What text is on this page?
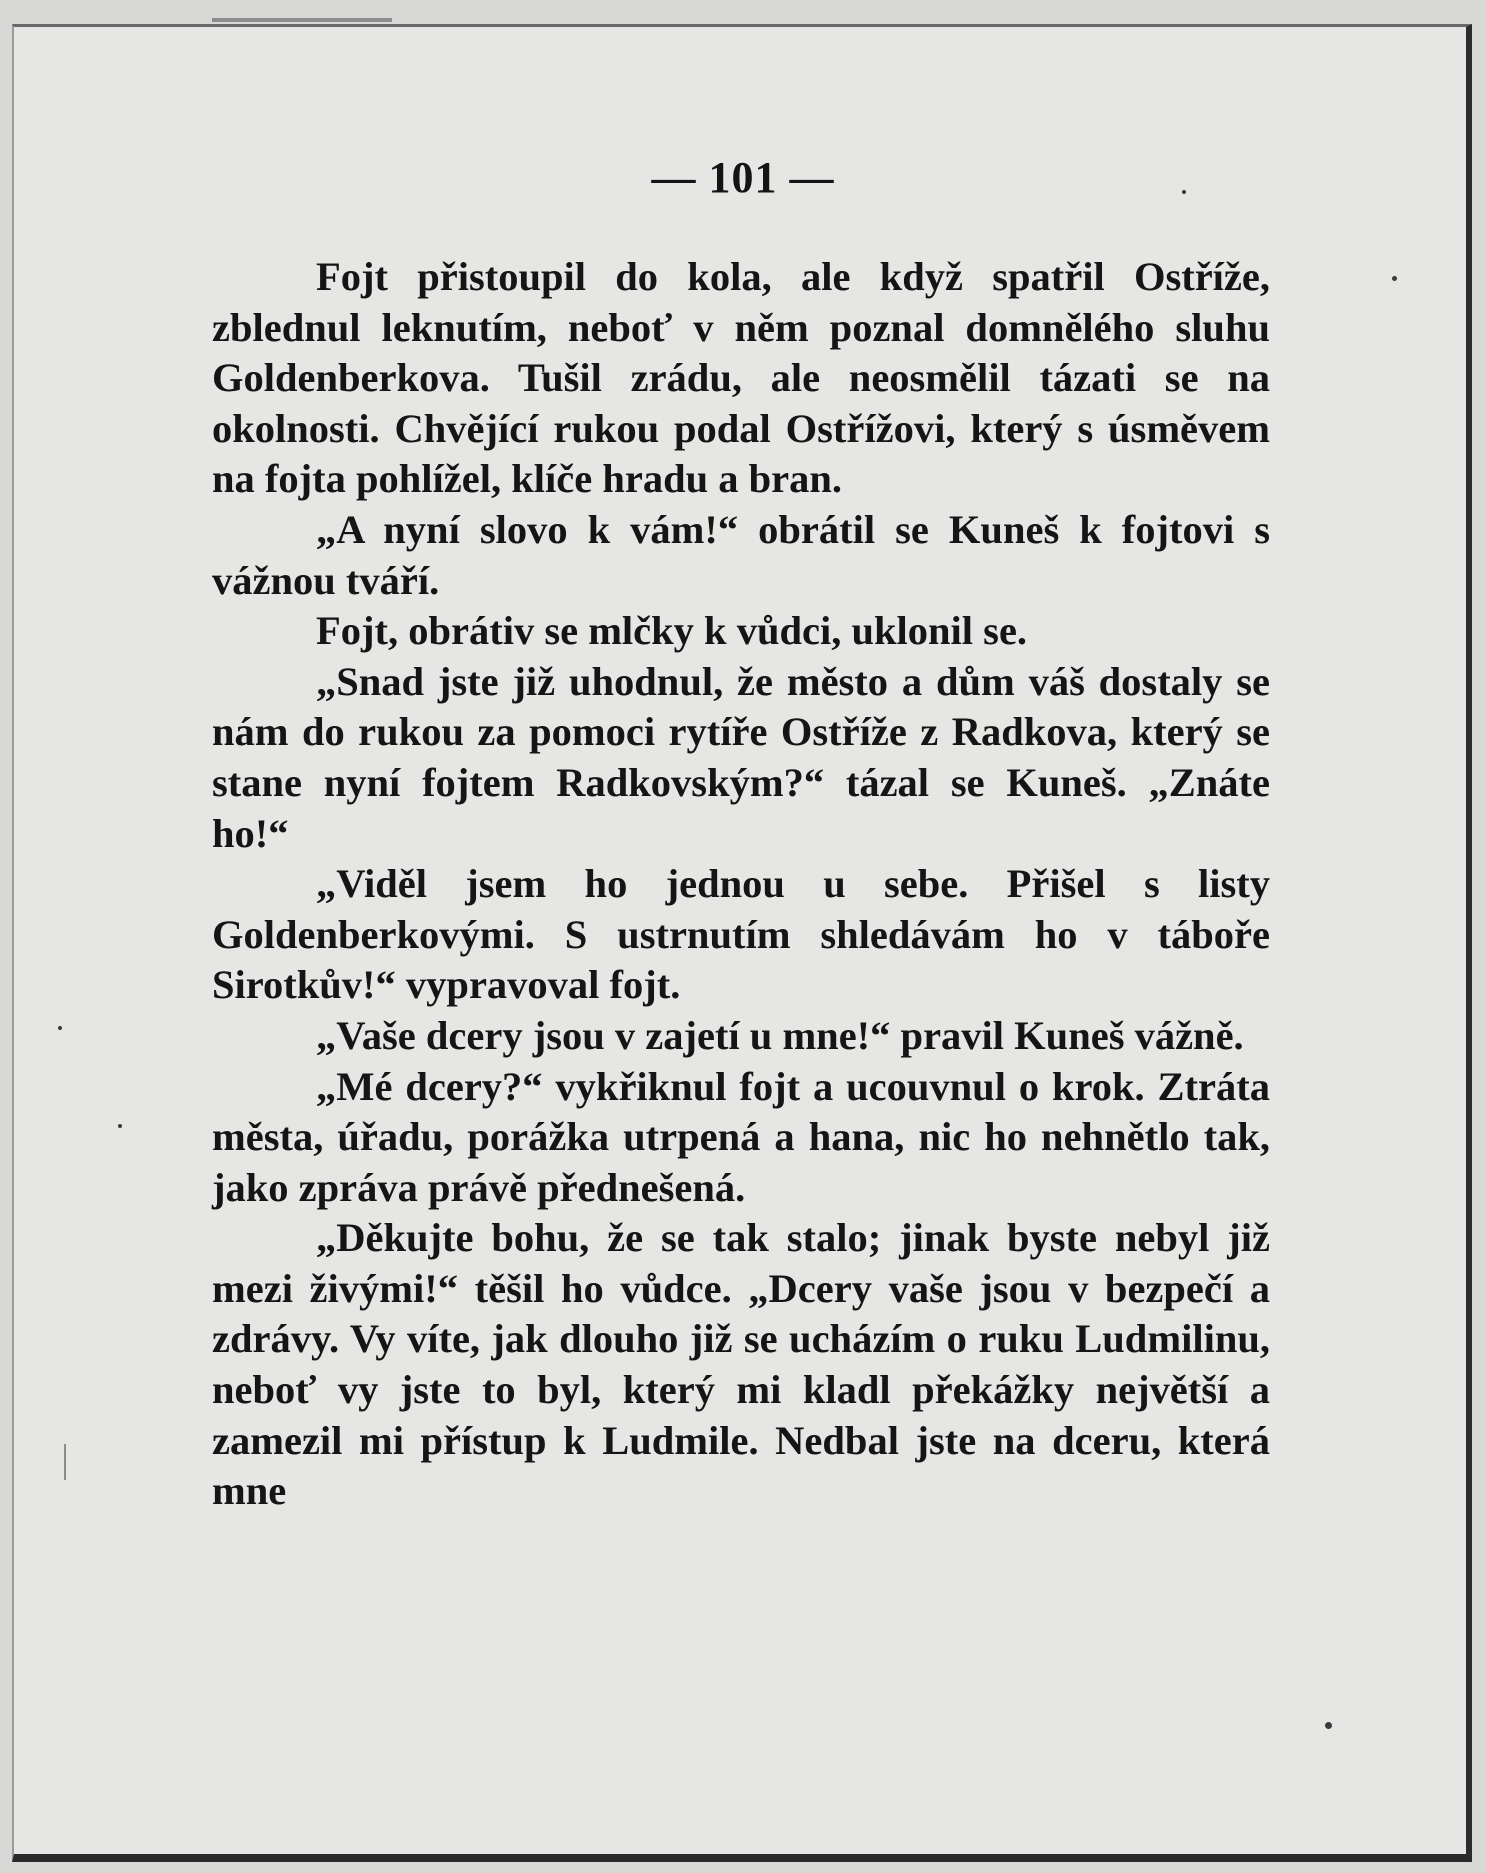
— 101 —

Fojt přistoupil do kola, ale když spatřil Ostříže, zblednul leknutím, neboť v něm poznal domnělého sluhu Goldenberkova. Tušil zrádu, ale neosmělil tázati se na okolnosti. Chvějící rukou podal Ostřížovi, který s úsměvem na fojta pohlížel, klíče hradu a bran.

„A nyní slovo k vám!“ obrátil se Kuneš k fojtovi s vážnou tváří.

Fojt, obrátiv se mlčky k vůdci, uklonil se.

„Snad jste již uhodnul, že město a dům váš dostaly se nám do rukou za pomoci rytíře Ostříže z Radkova, který se stane nyní fojtem Radkovským?“ tázal se Kuneš. „Znáte ho!“

„Viděl jsem ho jednou u sebe. Přišel s listy Goldenberkovými. S ustrnutím shledávám ho v táboře Sirotkův!“ vypravoval fojt.

„Vaše dcery jsou v zajetí u mne!“ pravil Kuneš vážně.

„Mé dcery?“ vykřiknul fojt a ucouvnul o krok. Ztráta města, úřadu, porážka utrpená a hana, nic ho nehnětlo tak, jako zpráva právě přednešená.

„Děkujte bohu, že se tak stalo; jinak byste nebyl již mezi živými!“ těšil ho vůdce. „Dcery vaše jsou v bezpečí a zdrávy. Vy víte, jak dlouho již se ucházím o ruku Ludmilinu, neboť vy jste to byl, který mi kladl překážky největší a zamezil mi přístup k Ludmile. Nedbal jste na dceru, která mne
